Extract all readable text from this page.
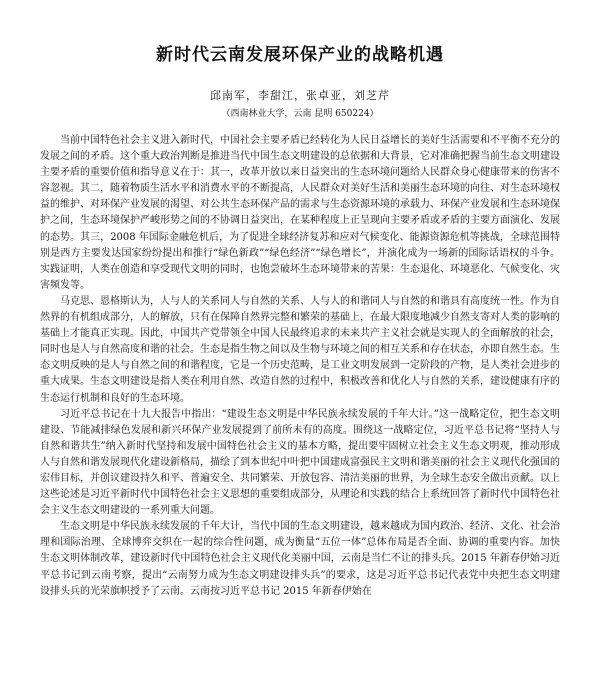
新时代云南发展环保产业的战略机遇
邱南军，李甜江，张卓亚，刘芝芹
（西南林业大学，云南 昆明 650224）

当前中国特色社会主义进入新时代，中国社会主要矛盾已经转化为人民日益增长的美好生活需要和不平衡不充分的发展之间的矛盾。这个重大政治判断是推进当代中国生态文明建设的总依据和大背景，它对准确把握当前生态文明建设主要矛盾的重要价值和指导意义在于：其一，改革开放以来日益突出的生态环境问题给人民群众身心健康带来的伤害不容忽视。其二，随着物质生活水平和消费水平的不断提高，人民群众对美好生活和美丽生态环境的向往、对生态环境权益的维护、对环保产业发展的渴望、对公共生态环保产品的需求与生态资源环境的承载力、环保产业发展和生态环境保护之间，生态环境保护严峻形势之间的不协调日益突出，在某种程度上正呈现向主要矛盾或矛盾的主要方面演化、发展的态势。其三，2008 年国际金融危机后，为了促进全球经济复苏和应对气候变化、能源资源危机等挑战，全球范围特别是西方主要发达国家纷纷提出和推行“绿色新政”“绿色经济”“绿色增长”，并演化成为一场新的国际话语权的斗争。实践证明，人类在创造和享受现代文明的同时，也饱尝破坏生态环境带来的苦果：生态退化、环境恶化、气候变化、灾害频发等。

马克思、恩格斯认为，人与人的关系同人与自然的关系、人与人的和谐同人与自然的和谐具有高度统一性。作为自然界的有机组成部分，人的解放，只有在保障自然界完整和繁荣的基础上，在最大限度地减少自然支寄对人类的影响的基础上才能真正实现。因此，中国共产党带领全中国人民最终追求的未来共产主义社会就是实现人的全面解放的社会，同时也是人与自然高度和谐的社会。生态是指生物之间以及生物与环境之间的相互关系和存在状态，亦即自然生态。生态文明反映的是人与自然之间的和谐程度，它是一个历史范畴，是工业文明发展到一定阶段的产物，是人类社会进步的重大成果。生态文明建设是指人类在利用自然、改造自然的过程中，积极改善和优化人与自然的关系，建设健康有序的生态运行机制和良好的生态环境。

习近平总书记在十九大报告中指出：“建设生态文明是中华民族永续发展的千年大计。”这一战略定位，把生态文明建设、节能减排绿色发展和新兴环保产业发展提到了前所未有的高度。围绕这一战略定位，习近平总书记将“坚持人与自然和谐共生”纳入新时代坚持和发展中国特色社会主义的基本方略，提出要牢固树立社会主义生态文明观，推动形成人与自然和谐发展现代化建设新格局，描绘了到本世纪中叶把中国建成富强民主文明和谐美丽的社会主义现代化强国的宏伟目标，并创议建设持久和平、普遍安全、共同繁荣、开放包容、清洁美丽的世界，为全球生态安全做出贡献。以上这些论述是习近平新时代中国特色社会主义思想的重要组成部分，从理论和实践的结合上系统回答了新时代中国特色社会主义生态文明建设的一系列重大问题。

生态文明是中华民族永续发展的千年大计，当代中国的生态文明建设，越来越成为国内政治、经济、文化、社会治理和国际治理、全球博弈交织在一起的综合性问题，成为衡量“五位一体”总体布局是否全面、协调的重要内容。加快生态文明体制改革，建设新时代中国特色社会主义现代化美丽中国，云南是当仁不让的排头兵。2015 年新春伊始习近平总书记到云南考察，提出“云南努力成为生态文明建设排头兵”的要求，这是习近平总书记代表党中央把生态文明建设排头兵的光荣旗帜授予了云南。云南按习近平总书记 2015 年新春伊始在
